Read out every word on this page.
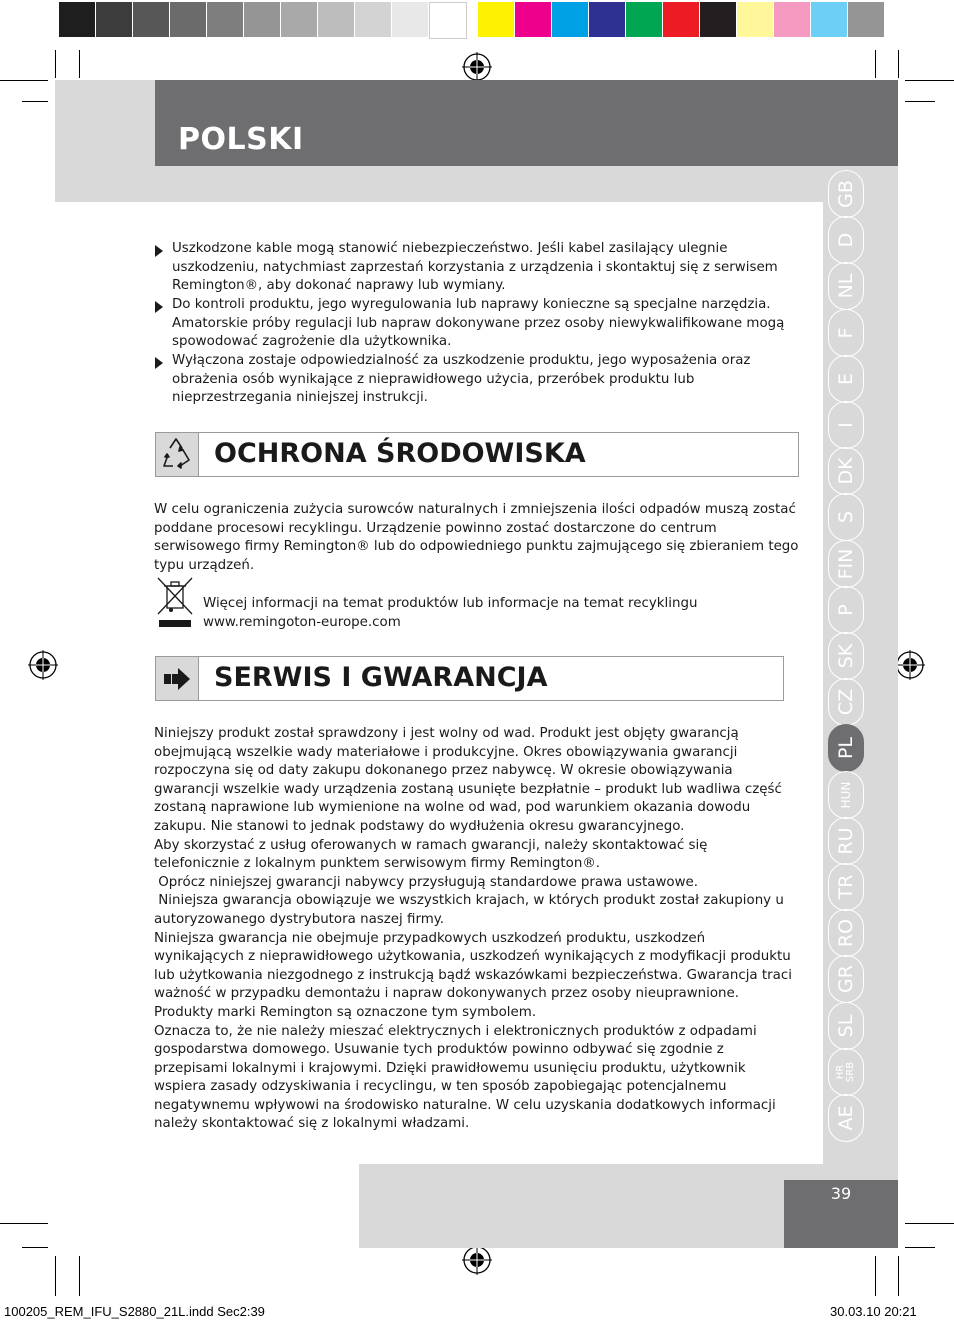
POLSKI
GB
D
NL
F
E
I
DK
S
FIN
P
SK
CZ
PL
HUN
RU
TR
RO
GR
SL
HR SRB
AE
Uszkodzone kable mogą stanowić niebezpieczeństwo. Jeśli kabel zasilający ulegnie uszkodzeniu, natychmiast zaprzestań korzystania z urządzenia i skontaktuj się z serwisem Remington®, aby dokonać naprawy lub wymiany.
Do kontroli produktu, jego wyregulowania lub naprawy konieczne są specjalne narzędzia. Amatorskie próby regulacji lub napraw dokonywane przez osoby niewykwalifikowane mogą spowodować zagrożenie dla użytkownika.
Wyłączona zostaje odpowiedzialność za uszkodzenie produktu, jego wyposażenia oraz obrażenia osób wynikające z nieprawidłowego użycia, przeróbek produktu lub nieprzestrzegania niniejszej instrukcji.
OCHRONA ŚRODOWISKA
W celu ograniczenia zużycia surowców naturalnych i zmniejszenia ilości odpadów muszą zostać poddane procesowi recyklingu. Urządzenie powinno zostać dostarczone do centrum serwisowego firmy Remington® lub do odpowiedniego punktu zajmującego się zbieraniem tego typu urządzeń.
Więcej informacji na temat produktów lub informacje na temat recyklingu
www.remingoton-europe.com
SERWIS I GWARANCJA
Niniejszy produkt został sprawdzony i jest wolny od wad. Produkt jest objęty gwarancją
obejmującą wszelkie wady materiałowe i produkcyjne. Okres obowiązywania gwarancji
rozpoczyna się od daty zakupu dokonanego przez nabywcę. W okresie obowiązywania
gwarancji wszelkie wady urządzenia zostaną usunięte bezpłatnie – produkt lub wadliwa część
zostaną naprawione lub wymienione na wolne od wad, pod warunkiem okazania dowodu
zakupu. Nie stanowi to jednak podstawy do wydłużenia okresu gwarancyjnego.
Aby skorzystać z usług oferowanych w ramach gwarancji, należy skontaktować się
telefonicznie z lokalnym punktem serwisowym firmy Remington®.
Oprócz niniejszej gwarancji nabywcy przysługują standardowe prawa ustawowe.
Niniejsza gwarancja obowiązuje we wszystkich krajach, w których produkt został zakupiony u
autoryzowanego dystrybutora naszej firmy.
Niniejsza gwarancja nie obejmuje przypadkowych uszkodzeń produktu, uszkodzeń
wynikających z nieprawidłowego użytkowania, uszkodzeń wynikających z modyfikacji produktu
lub użytkowania niezgodnego z instrukcją bądź wskazówkami bezpieczeństwa. Gwarancja traci
ważność w przypadku demontażu i napraw dokonywanych przez osoby nieuprawnione.
Produkty marki Remington są oznaczone tym symbolem.
Oznacza to, że nie należy mieszać elektrycznych i elektronicznych produktów z odpadami
gospodarstwa domowego. Usuwanie tych produktów powinno odbywać się zgodnie z
przepisami lokalnymi i krajowymi. Dzięki prawidłowemu usunięciu produktu, użytkownik
wspiera zasady odzyskiwania i recyclingu, w ten sposób zapobiegając potencjalnemu
negatywnemu wpływowi na środowisko naturalne. W celu uzyskania dodatkowych informacji
należy skontaktować się z lokalnymi władzami.
39
100205_REM_IFU_S2880_21L.indd Sec2:39	30.03.10 20:21
